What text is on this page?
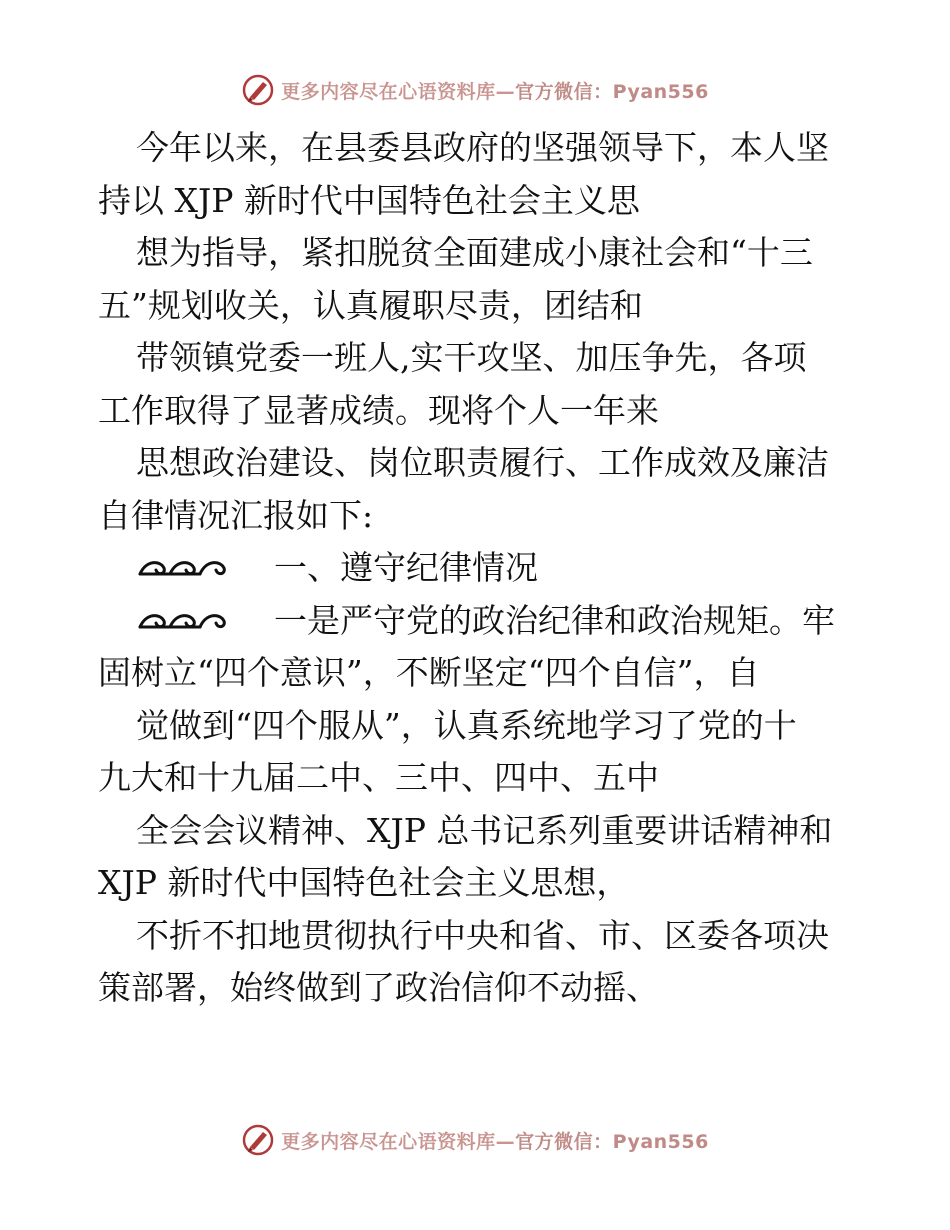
更多内容尽在心语资料库—官方微信：Pyan556
今年以来，在县委县政府的坚强领导下，本人坚
持以 XJP 新时代中国特色社会主义思
想为指导，紧扣脱贫全面建成小康社会和“十三
五”规划收关，认真履职尽责，团结和
带领镇党委一班人,实干攻坚、加压争先，各项
工作取得了显著成绩。现将个人一年来
思想政治建设、岗位职责履行、工作成效及廉洁
自律情况汇报如下:
一、遵守纪律情况
一是严守党的政治纪律和政治规矩。牢
固树立“四个意识”，不断坚定“四个自信”，自
觉做到“四个服从”，认真系统地学习了党的十
九大和十九届二中、三中、四中、五中
全会会议精神、XJP 总书记系列重要讲话精神和
XJP 新时代中国特色社会主义思想，
不折不扣地贯彻执行中央和省、市、区委各项决
策部署，始终做到了政治信仰不动摇、
更多内容尽在心语资料库—官方微信：Pyan556
